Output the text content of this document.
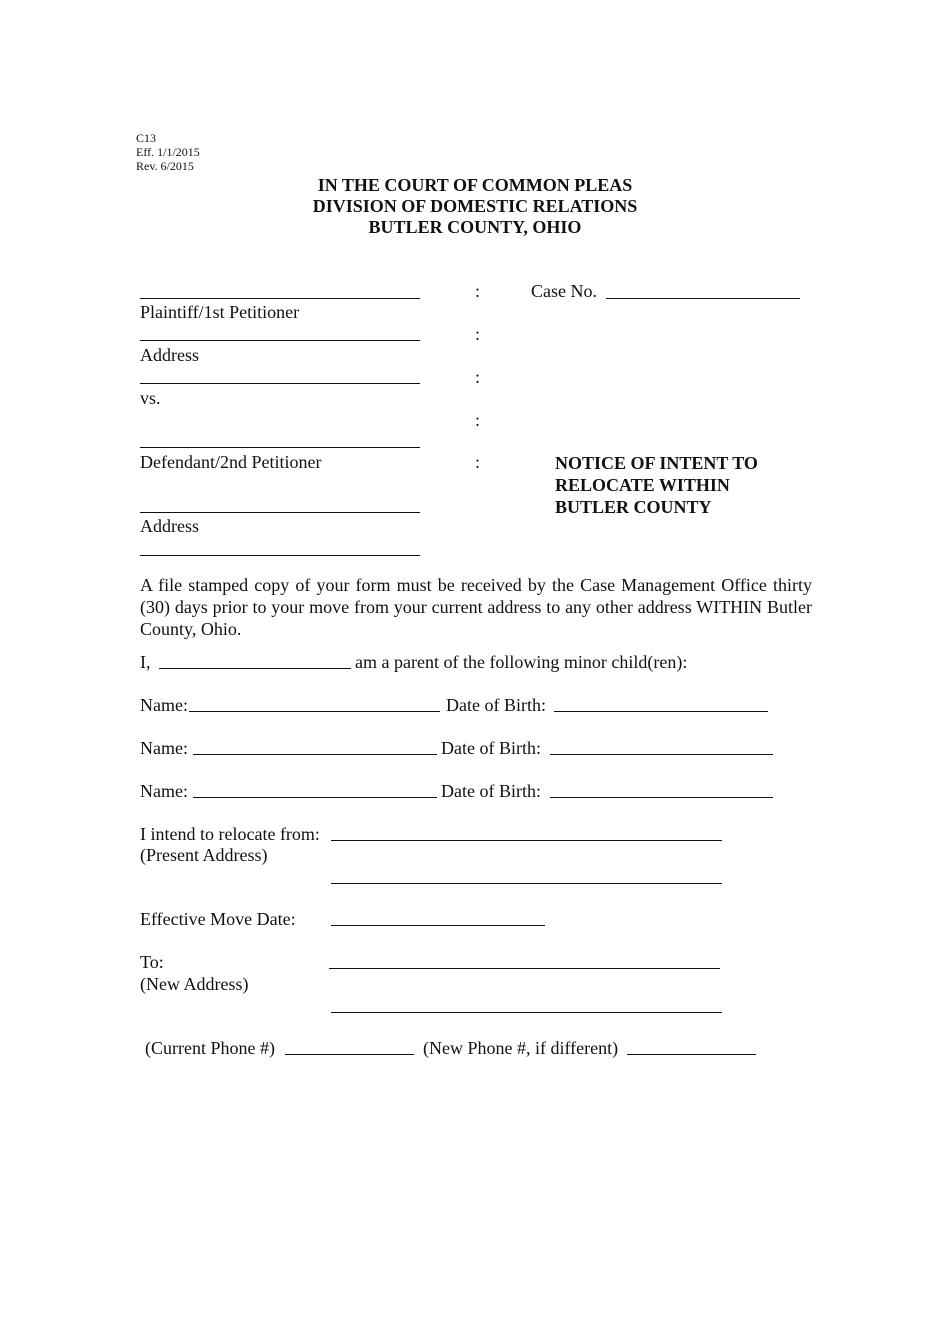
C13
Eff. 1/1/2015
Rev. 6/2015
IN THE COURT OF COMMON PLEAS
DIVISION OF DOMESTIC RELATIONS
BUTLER COUNTY, OHIO
Plaintiff/1st Petitioner
Address
vs.
Defendant/2nd Petitioner
Address
:
:
:
:
:
Case No.
NOTICE OF INTENT TO
RELOCATE WITHIN
BUTLER COUNTY
A file stamped copy of your form must be received by the Case Management Office thirty (30) days prior to your move from your current address to any other address WITHIN Butler County, Ohio.
I,	am a parent of the following minor child(ren):
Name:	Date of Birth:
Name:	Date of Birth:
Name:	Date of Birth:
I intend to relocate from:
(Present Address)
Effective Move Date:
To:
(New Address)
(Current Phone #)	(New Phone #, if different)
